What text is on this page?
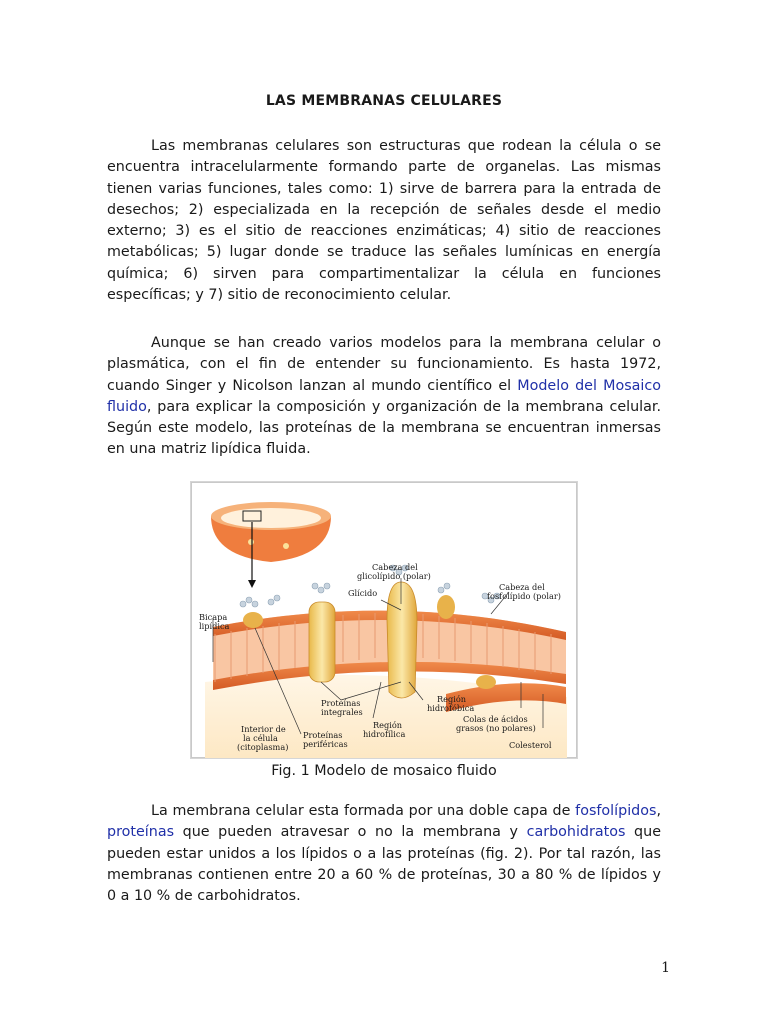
LAS MEMBRANAS CELULARES

Las membranas celulares son estructuras que rodean la célula o se encuentra intracelularmente formando parte de organelas. Las mismas tienen varias funciones, tales como: 1) sirve de barrera para la entrada de desechos; 2) especializada en la recepción de señales desde el medio externo; 3) es el sitio de reacciones enzimáticas; 4) sitio de reacciones metabólicas; 5) lugar donde se traduce las señales lumínicas en energía química; 6) sirven para compartimentalizar la célula en funciones específicas; y 7) sitio de reconocimiento celular.

Aunque se han creado varios modelos para la membrana celular o plasmática, con el fin de entender su funcionamiento. Es hasta 1972, cuando Singer y Nicolson lanzan al mundo científico el Modelo del Mosaico fluido, para explicar la composición y organización de la membrana celular. Según este modelo, las proteínas de la membrana se encuentran inmersas en una matriz lipídica fluida.

Cabeza del
glicolípido (polar)
Glícido
Cabeza del
fosfolípido (polar)
Bicapa
lipídica
Proteínas
integrales
Región
hidrofóbica
Interior de
la célula
(citoplasma)
Proteínas
periféricas
Región
hidrofílica
Colas de ácidos
grasos (no polares)
Colesterol
Fig. 1 Modelo de mosaico fluido

La membrana celular esta formada por una doble capa de fosfolípidos, proteínas que pueden atravesar o no la membrana y carbohidratos que pueden estar unidos a los lípidos o a las proteínas (fig. 2). Por tal razón, las membranas contienen entre 20 a 60 % de proteínas, 30 a 80 % de lípidos y 0 a 10 % de carbohidratos.

1
